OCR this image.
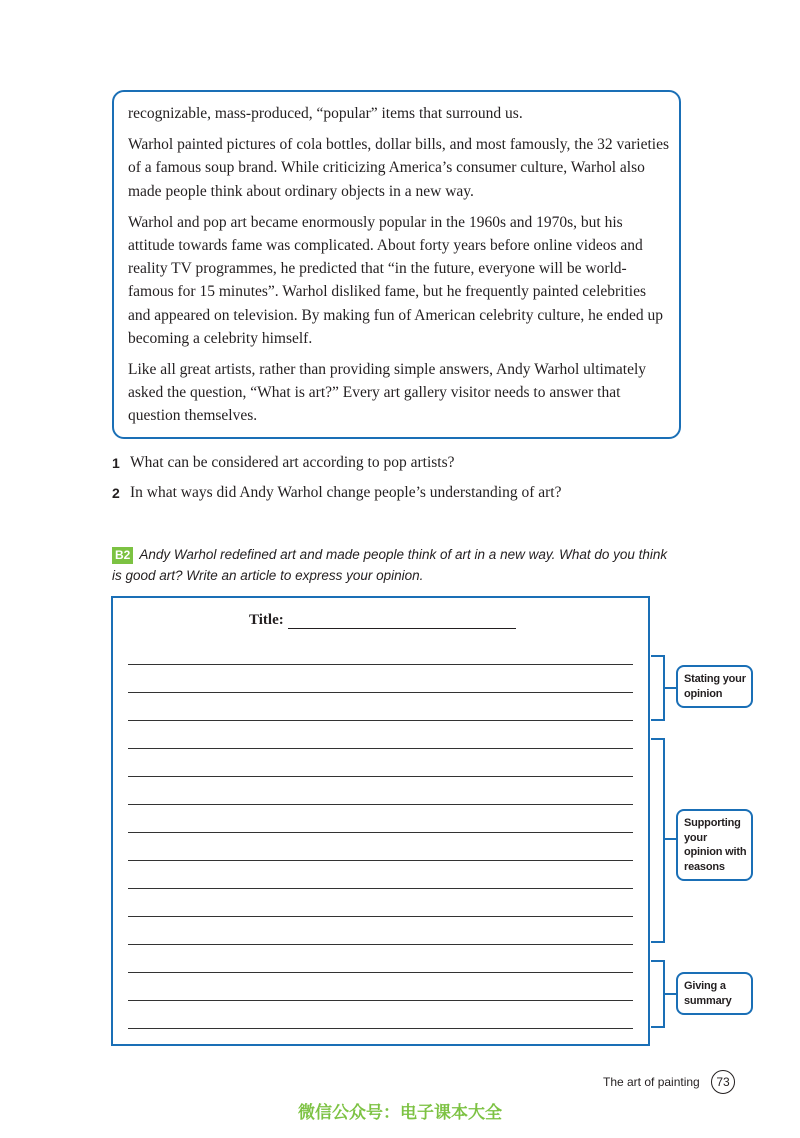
recognizable, mass-produced, “popular” items that surround us.

Warhol painted pictures of cola bottles, dollar bills, and most famously, the 32 varieties of a famous soup brand. While criticizing America’s consumer culture, Warhol also made people think about ordinary objects in a new way.

Warhol and pop art became enormously popular in the 1960s and 1970s, but his attitude towards fame was complicated. About forty years before online videos and reality TV programmes, he predicted that “in the future, everyone will be world-famous for 15 minutes”. Warhol disliked fame, but he frequently painted celebrities and appeared on television. By making fun of American celebrity culture, he ended up becoming a celebrity himself.

Like all great artists, rather than providing simple answers, Andy Warhol ultimately asked the question, “What is art?” Every art gallery visitor needs to answer that question themselves.

1 What can be considered art according to pop artists?
2 In what ways did Andy Warhol change people’s understanding of art?
B2 Andy Warhol redefined art and made people think of art in a new way. What do you think is good art? Write an article to express your opinion.
Title:
Stating your opinion
Supporting your opinion with reasons
Giving a summary
The art of painting	73
微信公众号：电子课本大全
